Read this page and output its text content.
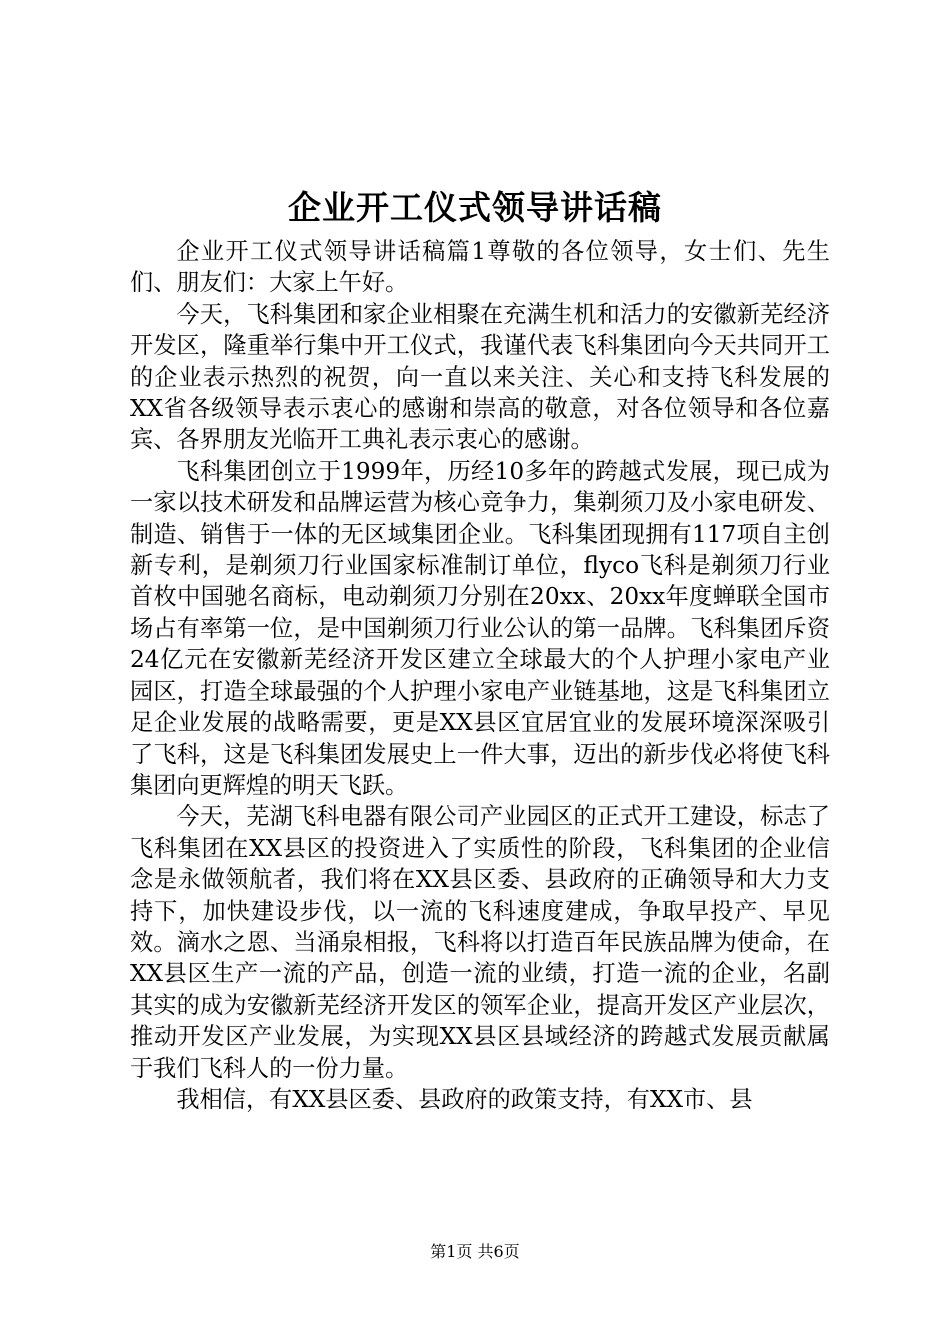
企业开工仪式领导讲话稿

企业开工仪式领导讲话稿篇1尊敬的各位领导，女士们、先生们、朋友们：大家上午好。

今天，飞科集团和家企业相聚在充满生机和活力的安徽新芜经济开发区，隆重举行集中开工仪式，我谨代表飞科集团向今天共同开工的企业表示热烈的祝贺，向一直以来关注、关心和支持飞科发展的XX省各级领导表示衷心的感谢和崇高的敬意，对各位领导和各位嘉宾、各界朋友光临开工典礼表示衷心的感谢。

飞科集团创立于1999年，历经10多年的跨越式发展，现已成为一家以技术研发和品牌运营为核心竞争力，集剃须刀及小家电研发、制造、销售于一体的无区域集团企业。飞科集团现拥有117项自主创新专利，是剃须刀行业国家标准制订单位，flyco飞科是剃须刀行业首枚中国驰名商标，电动剃须刀分别在20xx、20xx年度蝉联全国市场占有率第一位，是中国剃须刀行业公认的第一品牌。飞科集团斥资24亿元在安徽新芜经济开发区建立全球最大的个人护理小家电产业园区，打造全球最强的个人护理小家电产业链基地，这是飞科集团立足企业发展的战略需要，更是XX县区宜居宜业的发展环境深深吸引了飞科，这是飞科集团发展史上一件大事，迈出的新步伐必将使飞科集团向更辉煌的明天飞跃。

今天，芜湖飞科电器有限公司产业园区的正式开工建设，标志了飞科集团在XX县区的投资进入了实质性的阶段，飞科集团的企业信念是永做领航者，我们将在XX县区委、县政府的正确领导和大力支持下，加快建设步伐，以一流的飞科速度建成，争取早投产、早见效。滴水之恩、当涌泉相报，飞科将以打造百年民族品牌为使命，在XX县区生产一流的产品，创造一流的业绩，打造一流的企业，名副其实的成为安徽新芜经济开发区的领军企业，提高开发区产业层次，推动开发区产业发展，为实现XX县区县域经济的跨越式发展贡献属于我们飞科人的一份力量。

我相信，有XX县区委、县政府的政策支持，有XX市、县

第1页 共6页
